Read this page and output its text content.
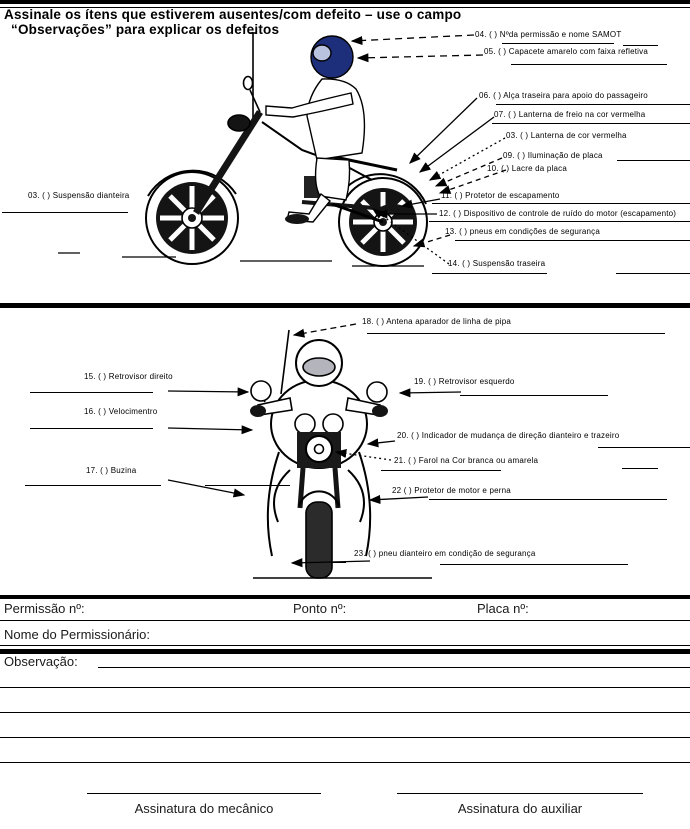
Assinale os ítens que estiverem ausentes/com defeito – use o campo
“Observações” para explicar os defeitos
03. ( ) Suspensão dianteira
04. ( ) Nºda permissão e nome SAMOT
05. ( ) Capacete amarelo com faixa refletiva
06. ( ) Alça traseira para apoio do passageiro
07. ( ) Lanterna de freio na cor vermelha
03. ( ) Lanterna de cor vermelha
09. ( ) Iluminação de placa
10. ( ) Lacre da placa
11. ( ) Protetor de escapamento
12. ( ) Dispositivo de controle de ruído do motor (escapamento)
13. ( ) pneus em condições de segurança
14. ( ) Suspensão traseira
15. ( ) Retrovisor direito
16. ( ) Velocimentro
17. ( ) Buzina
18. ( ) Antena aparador de linha de pipa
19. ( ) Retrovisor esquerdo
20. ( ) Indicador de mudança de direção dianteiro e trazeiro
21. ( ) Farol na Cor branca ou amarela
22 ( ) Protetor de motor e perna
23. ( ) pneu dianteiro em condição de segurança
Permissão nº:	Ponto nº:	Placa nº:
Nome do Permissionário:
Observação:
Assinatura do mecânico	Assinatura do auxiliar
